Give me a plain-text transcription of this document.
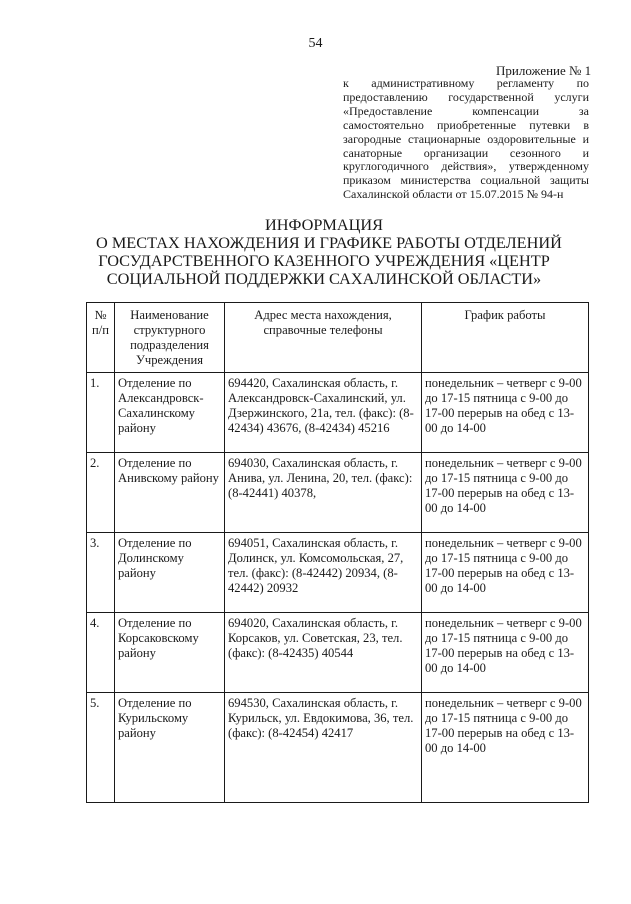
54
Приложение № 1
к административному регламенту по предоставлению государственной услуги «Предоставление компенсации за самостоятельно приобретенные путевки в загородные стационарные оздоровительные и санаторные организации сезонного и круглогодичного действия», утвержденному приказом министерства социальной защиты Сахалинской области от 15.07.2015 № 94-н
ИНФОРМАЦИЯ
О МЕСТАХ НАХОЖДЕНИЯ И ГРАФИКЕ РАБОТЫ ОТДЕЛЕНИЙ
ГОСУДАРСТВЕННОГО КАЗЕННОГО УЧРЕЖДЕНИЯ «ЦЕНТР
СОЦИАЛЬНОЙ ПОДДЕРЖКИ САХАЛИНСКОЙ ОБЛАСТИ»
№ п/п	Наименование структурного подразделения Учреждения	Адрес места нахождения, справочные телефоны	График работы
1.	Отделение по Александровск-Сахалинскому району	694420, Сахалинская область, г. Александровск-Сахалинский, ул. Дзержинского, 21а, тел. (факс): (8-42434) 43676, (8-42434) 45216	понедельник – четверг с 9-00 до 17-15 пятница с 9-00 до 17-00 перерыв на обед с 13-00 до 14-00
2.	Отделение по Анивскому району	694030, Сахалинская область, г. Анива, ул. Ленина, 20, тел. (факс): (8-42441) 40378,	понедельник – четверг с 9-00 до 17-15 пятница с 9-00 до 17-00 перерыв на обед с 13-00 до 14-00
3.	Отделение по Долинскому району	694051, Сахалинская область, г. Долинск, ул. Комсомольская, 27, тел. (факс): (8-42442) 20934, (8-42442) 20932	понедельник – четверг с 9-00 до 17-15 пятница с 9-00 до 17-00 перерыв на обед с 13-00 до 14-00
4.	Отделение по Корсаковскому району	694020, Сахалинская область, г. Корсаков, ул. Советская, 23, тел. (факс): (8-42435) 40544	понедельник – четверг с 9-00 до 17-15 пятница с 9-00 до 17-00 перерыв на обед с 13-00 до 14-00
5.	Отделение по Курильскому району	694530, Сахалинская область, г. Курильск, ул. Евдокимова, 36, тел. (факс): (8-42454) 42417	понедельник – четверг с 9-00 до 17-15 пятница с 9-00 до 17-00 перерыв на обед с 13-00 до 14-00
